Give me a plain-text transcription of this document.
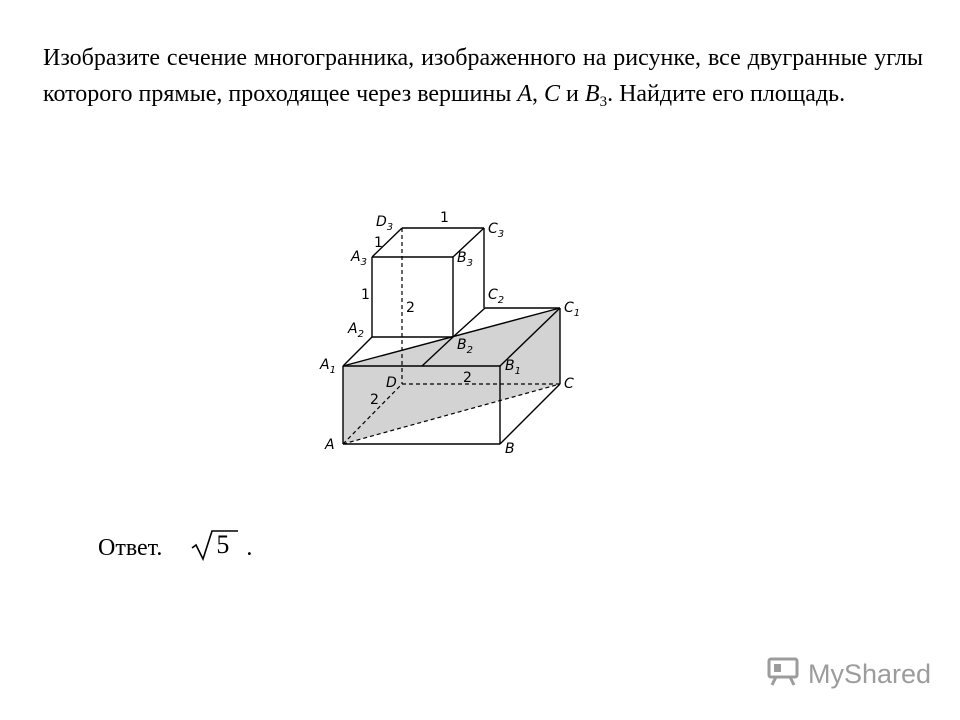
Изобразите сечение многогранника, изображенного на рисунке, все двугранные углы которого прямые, проходящее через вершины A, C и $B_3$. Найдите его площадь.
$D_3$	$C_3$
$A_3$	$B_3$
$C_2$
$A_2$
$B_2$
$C_1$
$A_1$	$B_1$
D	C
A	B
1
1
1
2
2
2
Ответ. 5 .
MyShared
